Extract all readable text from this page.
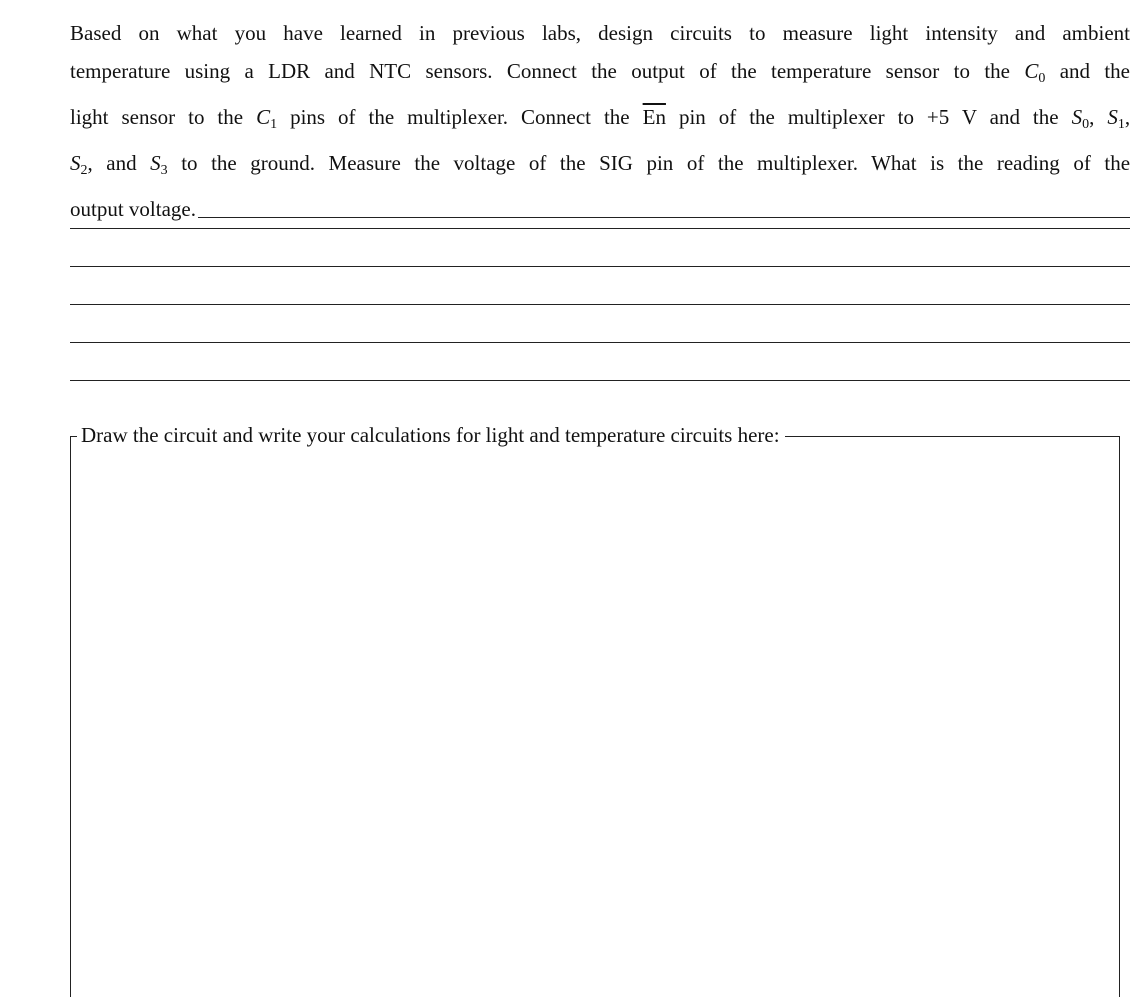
Based on what you have learned in previous labs, design circuits to measure light intensity and ambient
temperature using a LDR and NTC sensors. Connect the output of the temperature sensor to the $C_0$ and the
light sensor to the $C_1$ pins of the multiplexer. Connect the $\overline{En}$ pin of the multiplexer to +5 V and the $S_0$, $S_1$,
$S_2$, and $S_3$ to the ground. Measure the voltage of the SIG pin of the multiplexer. What is the reading of the
output voltage.
Draw the circuit and write your calculations for light and temperature circuits here:
